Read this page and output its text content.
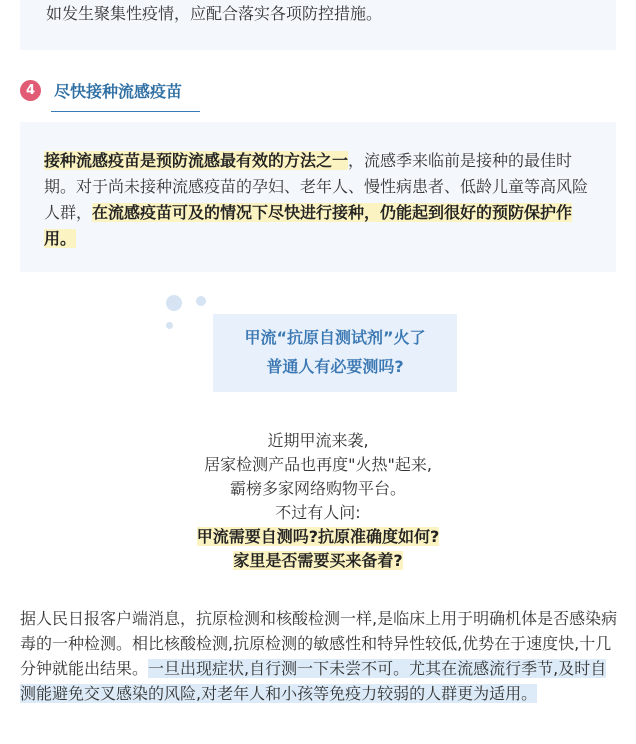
如发生聚集性疫情，应配合落实各项防控措施。

4	尽快接种流感疫苗

接种流感疫苗是预防流感最有效的方法之一，流感季来临前是接种的最佳时期。对于尚未接种流感疫苗的孕妇、老年人、慢性病患者、低龄儿童等高风险人群，在流感疫苗可及的情况下尽快进行接种，仍能起到很好的预防保护作用。

甲流“抗原自测试剂”火了
普通人有必要测吗?
近期甲流来袭,
居家检测产品也再度"火热"起来,
霸榜多家网络购物平台。
不过有人问:
甲流需要自测吗?抗原准确度如何?
家里是否需要买来备着?

据人民日报客户端消息，抗原检测和核酸检测一样,是临床上用于明确机体是否感染病毒的一种检测。相比核酸检测,抗原检测的敏感性和特异性较低,优势在于速度快,十几分钟就能出结果。一旦出现症状,自行测一下未尝不可。尤其在流感流行季节,及时自测能避免交叉感染的风险,对老年人和小孩等免疫力较弱的人群更为适用。
